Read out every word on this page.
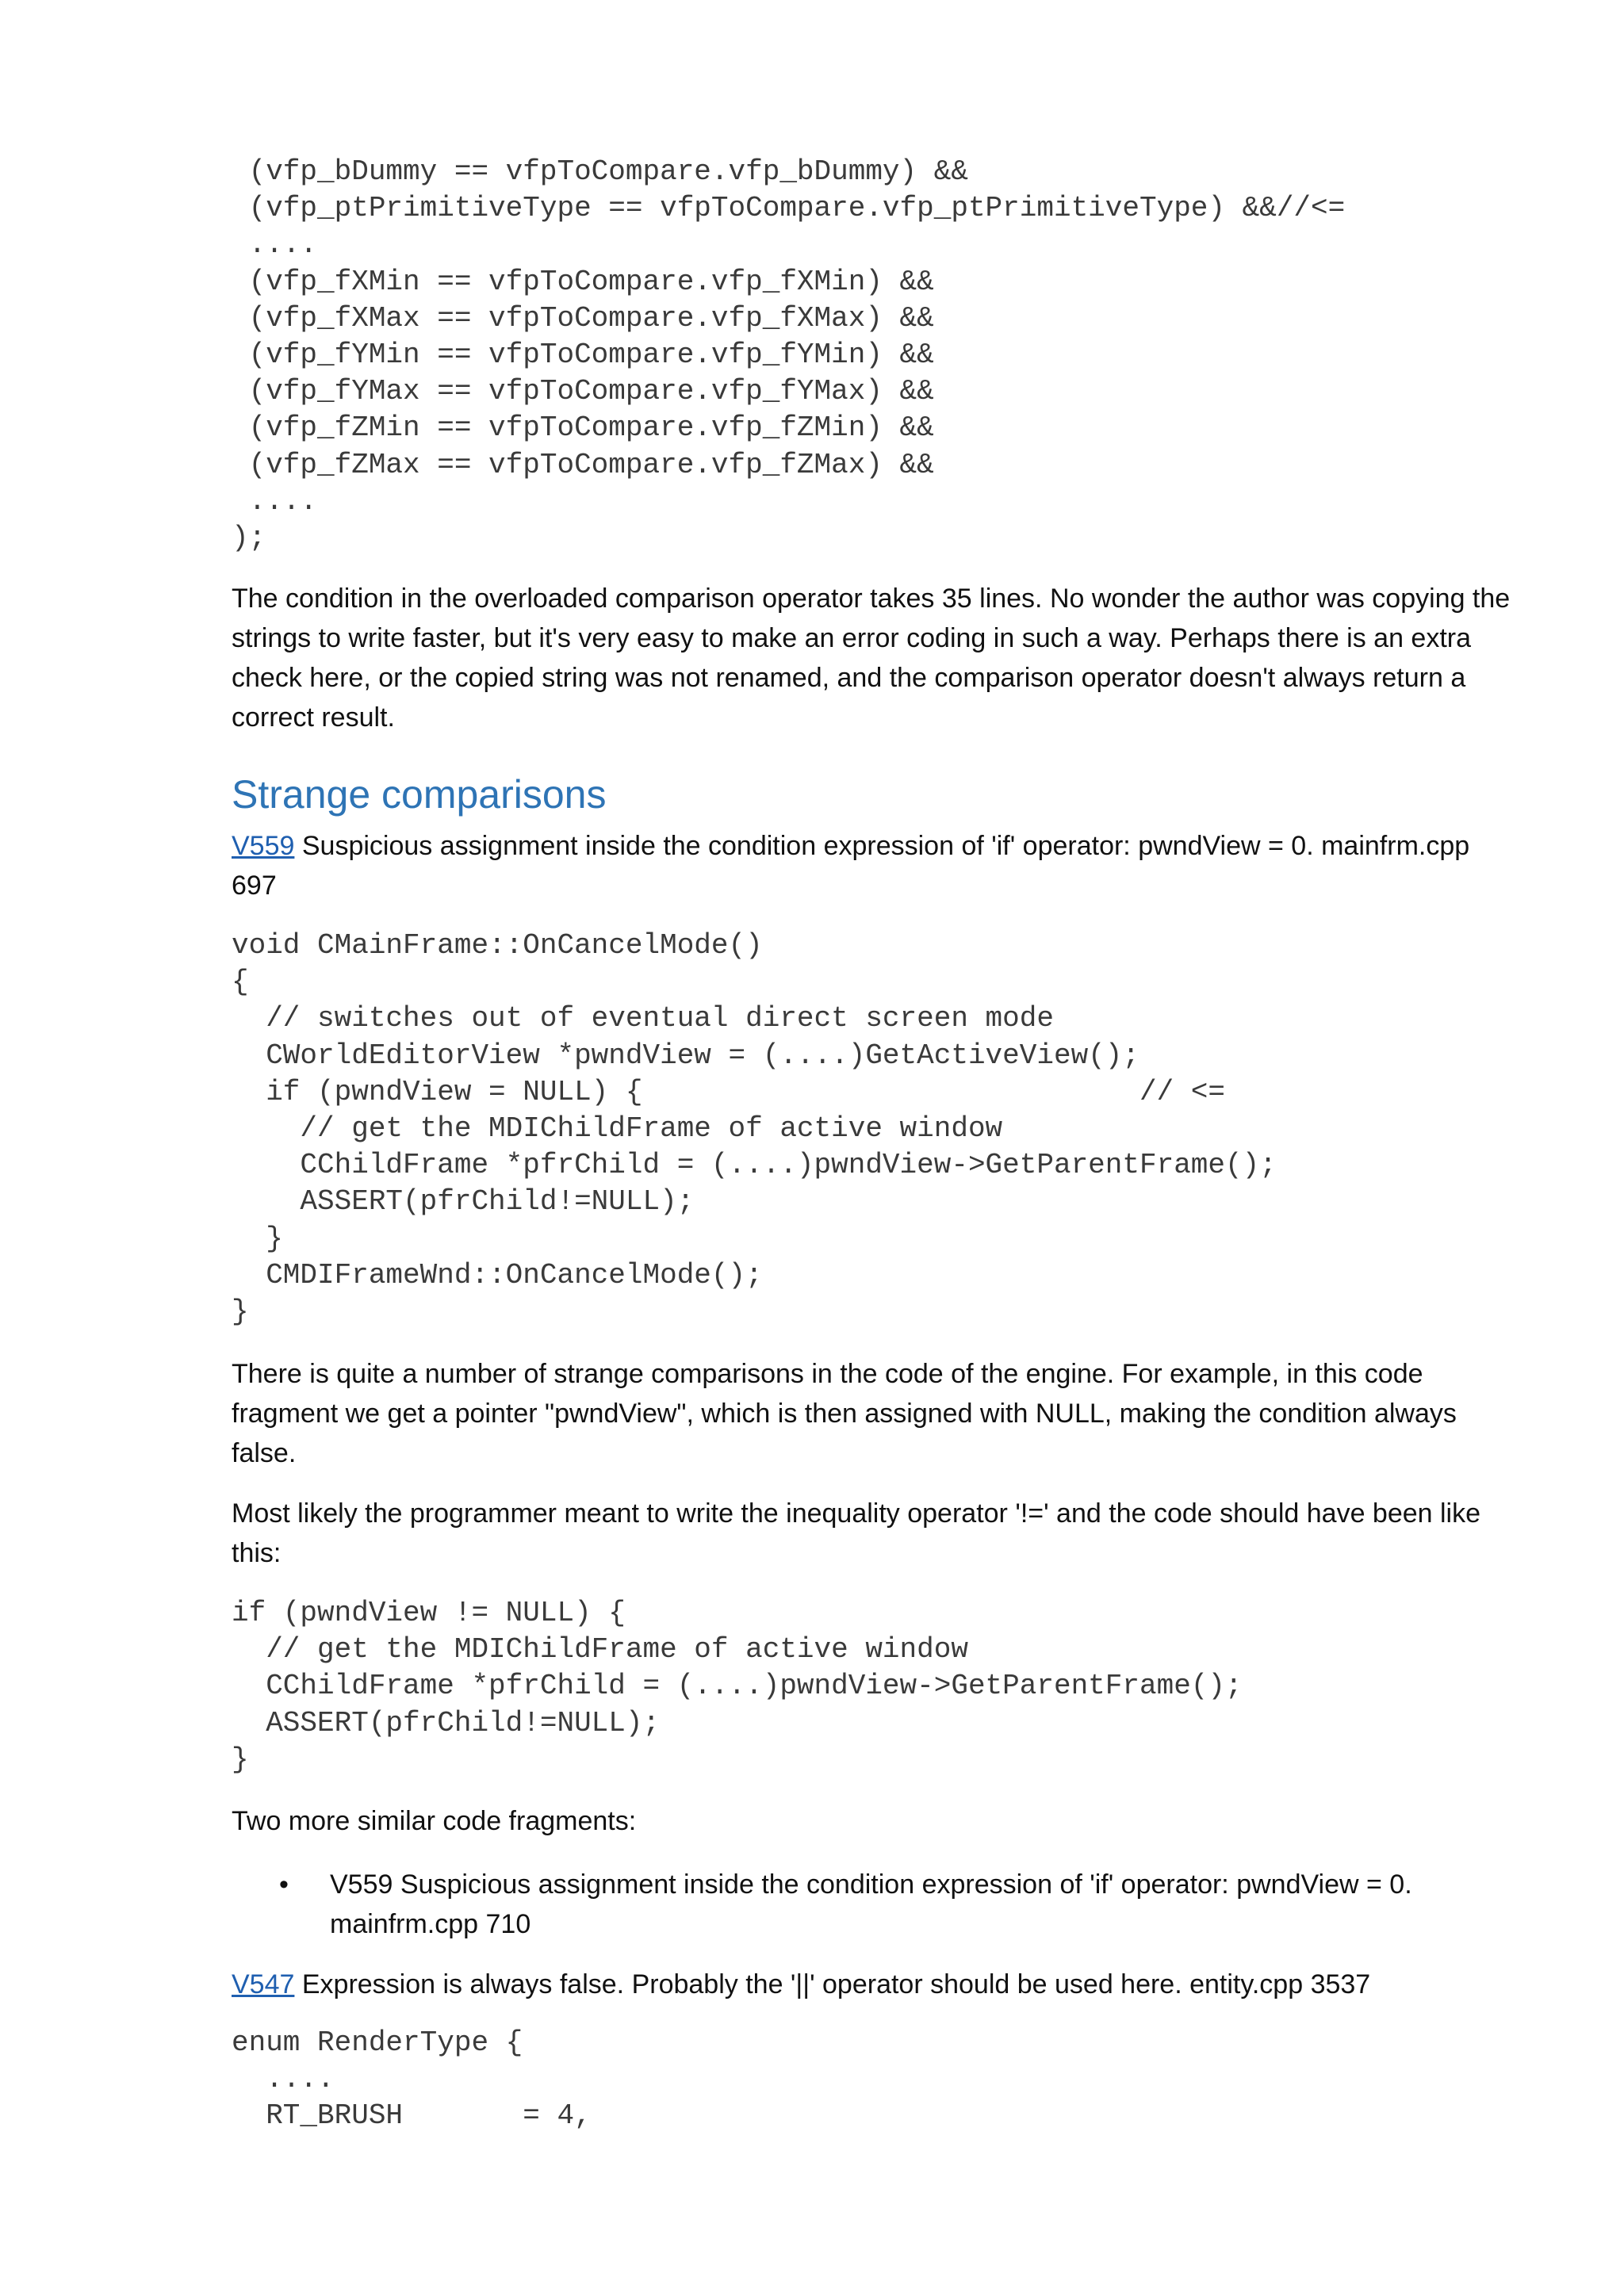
(vfp_bDummy == vfpToCompare.vfp_bDummy) &&
(vfp_ptPrimitiveType == vfpToCompare.vfp_ptPrimitiveType) &&//<=
....
(vfp_fXMin == vfpToCompare.vfp_fXMin) &&
(vfp_fXMax == vfpToCompare.vfp_fXMax) &&
(vfp_fYMin == vfpToCompare.vfp_fYMin) &&
(vfp_fYMax == vfpToCompare.vfp_fYMax) &&
(vfp_fZMin == vfpToCompare.vfp_fZMin) &&
(vfp_fZMax == vfpToCompare.vfp_fZMax) &&
....
);

The condition in the overloaded comparison operator takes 35 lines. No wonder the author was copying the strings to write faster, but it's very easy to make an error coding in such a way. Perhaps there is an extra check here, or the copied string was not renamed, and the comparison operator doesn't always return a correct result.

Strange comparisons

V559 Suspicious assignment inside the condition expression of 'if' operator: pwndView = 0. mainfrm.cpp 697

void CMainFrame::OnCancelMode()
{
// switches out of eventual direct screen mode
CWorldEditorView *pwndView = (....)GetActiveView();
if (pwndView = NULL) {                             // <=
// get the MDIChildFrame of active window
CChildFrame *pfrChild = (....)pwndView->GetParentFrame();
ASSERT(pfrChild!=NULL);
}
CMDIFrameWnd::OnCancelMode();
}

There is quite a number of strange comparisons in the code of the engine. For example, in this code fragment we get a pointer "pwndView", which is then assigned with NULL, making the condition always false.

Most likely the programmer meant to write the inequality operator '!=' and the code should have been like this:

if (pwndView != NULL) {
// get the MDIChildFrame of active window
CChildFrame *pfrChild = (....)pwndView->GetParentFrame();
ASSERT(pfrChild!=NULL);
}

Two more similar code fragments:

•	V559 Suspicious assignment inside the condition expression of 'if' operator: pwndView = 0. mainfrm.cpp 710

V547 Expression is always false. Probably the '||' operator should be used here. entity.cpp 3537

enum RenderType {
....
RT_BRUSH       = 4,
